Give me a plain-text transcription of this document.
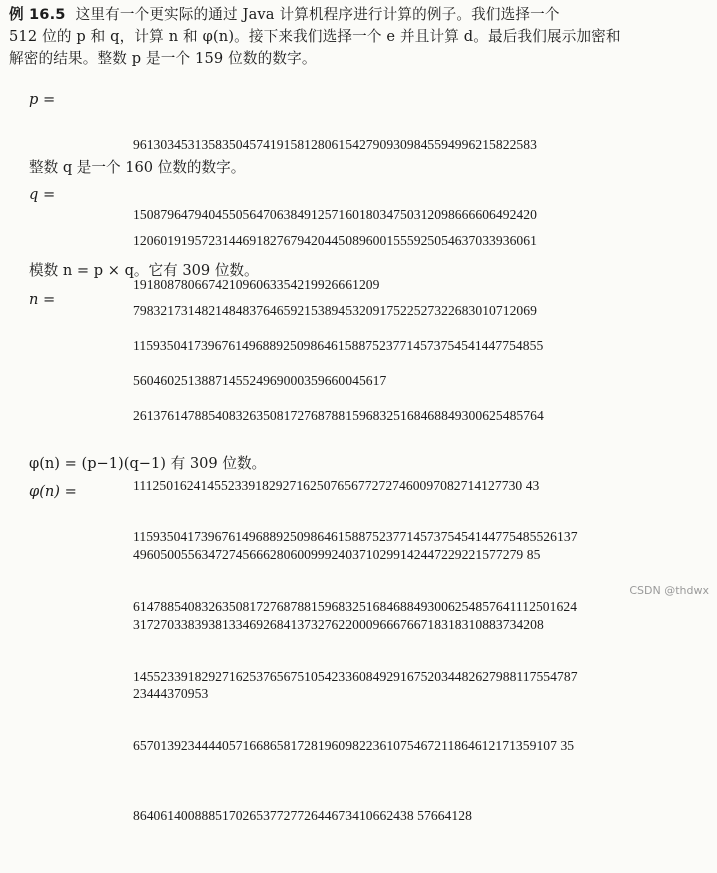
例 16.5 这里有一个更实际的通过 Java 计算机程序进行计算的例子。我们选择一个
512 位的 p 和 q，计算 n 和 φ(n)。接下来我们选择一个 e 并且计算 d。最后我们展示加密和
解密的结果。整数 p 是一个 159 位数的数字。
p =

96130345313583504574191581280615427909309845594996215822583

15087964794045505647063849125716018034750312098666606492420

191808780667421096063354219926661209

整数 q 是一个 160 位数的数字。
q =

12060191957231446918276794204450896001555925054637033936061

79832173148214848376465921538945320917522527322683010712069

5604602513887145524969000359660045617

模数 n = p × q。它有 309 位数。
n =

115935041739676149688925098646158875237714573754541447754855

261376147885408326350817276878815968325168468849300625485764

111250162414552339182927162507656772727460097082714127730 43

496050055634727456662806009992403710299142447229221577279 85

317270338393813346926841373276220009666766718318310883734208

23444370953

φ(n) = (p−1)(q−1) 有 309 位数。
φ(n) =

11593504173967614968892509864615887523771457375454144775485526137

61478854083263508172768788159683251684688493006254857641112501624

14552339182927162537656751054233608492916752034482627988117554787

65701392344440571668658172819609822361075467211864612171359107 35

86406140088851702653772772644673410662438 57664128

CSDN @thdwx
